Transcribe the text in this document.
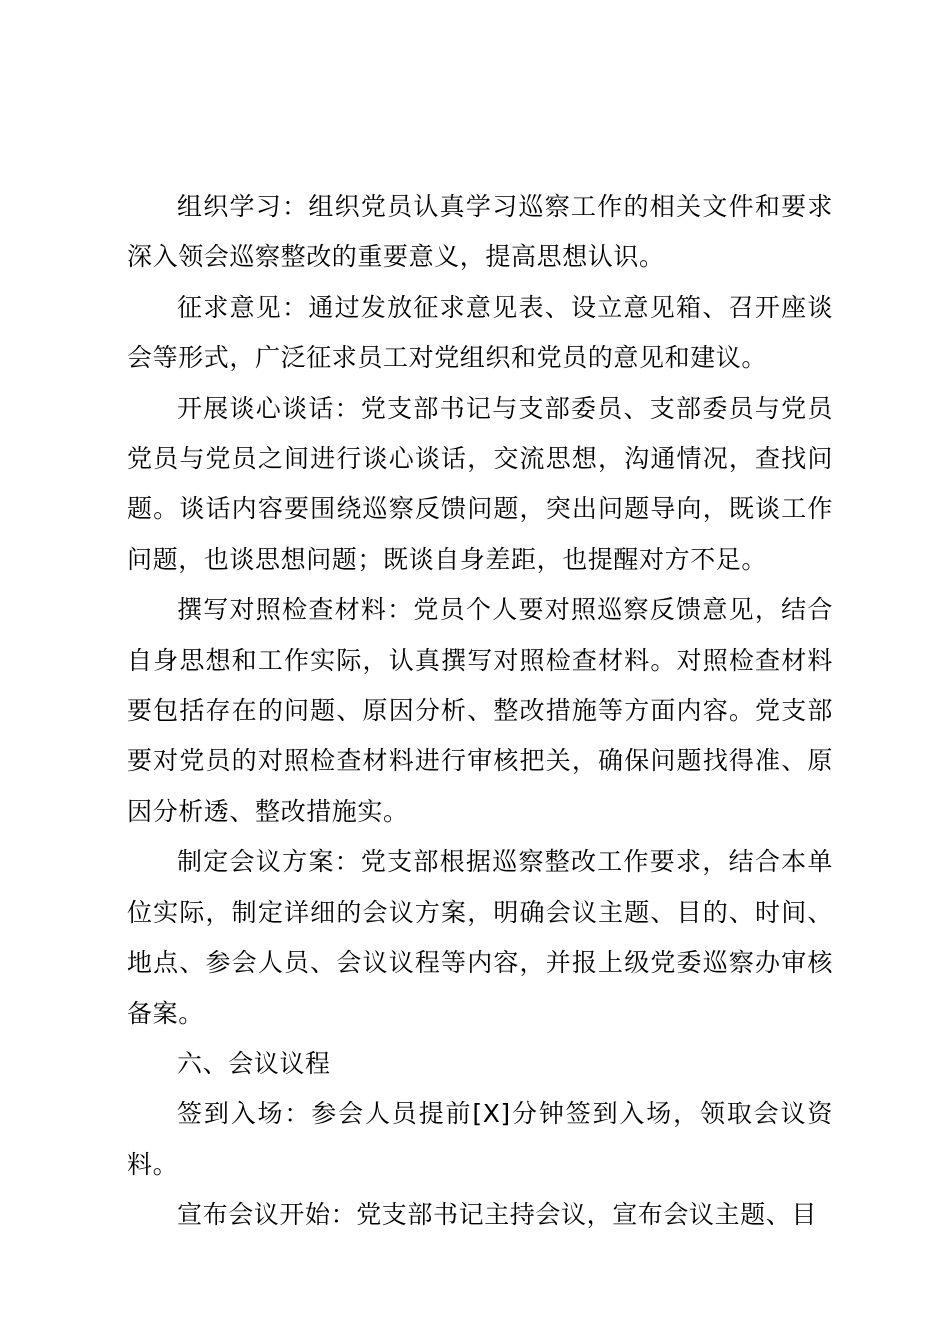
组织学习：组织党员认真学习巡察工作的相关文件和要求深入领会巡察整改的重要意义，提高思想认识。

征求意见：通过发放征求意见表、设立意见箱、召开座谈会等形式，广泛征求员工对党组织和党员的意见和建议。

开展谈心谈话：党支部书记与支部委员、支部委员与党员党员与党员之间进行谈心谈话，交流思想，沟通情况，查找问题。谈话内容要围绕巡察反馈问题，突出问题导向，既谈工作问题，也谈思想问题；既谈自身差距，也提醒对方不足。

撰写对照检查材料：党员个人要对照巡察反馈意见，结合自身思想和工作实际，认真撰写对照检查材料。对照检查材料要包括存在的问题、原因分析、整改措施等方面内容。党支部要对党员的对照检查材料进行审核把关，确保问题找得准、原因分析透、整改措施实。

制定会议方案：党支部根据巡察整改工作要求，结合本单位实际，制定详细的会议方案，明确会议主题、目的、时间、地点、参会人员、会议议程等内容，并报上级党委巡察办审核备案。

六、会议议程

签到入场：参会人员提前[X]分钟签到入场，领取会议资料。

宣布会议开始：党支部书记主持会议，宣布会议主题、目
